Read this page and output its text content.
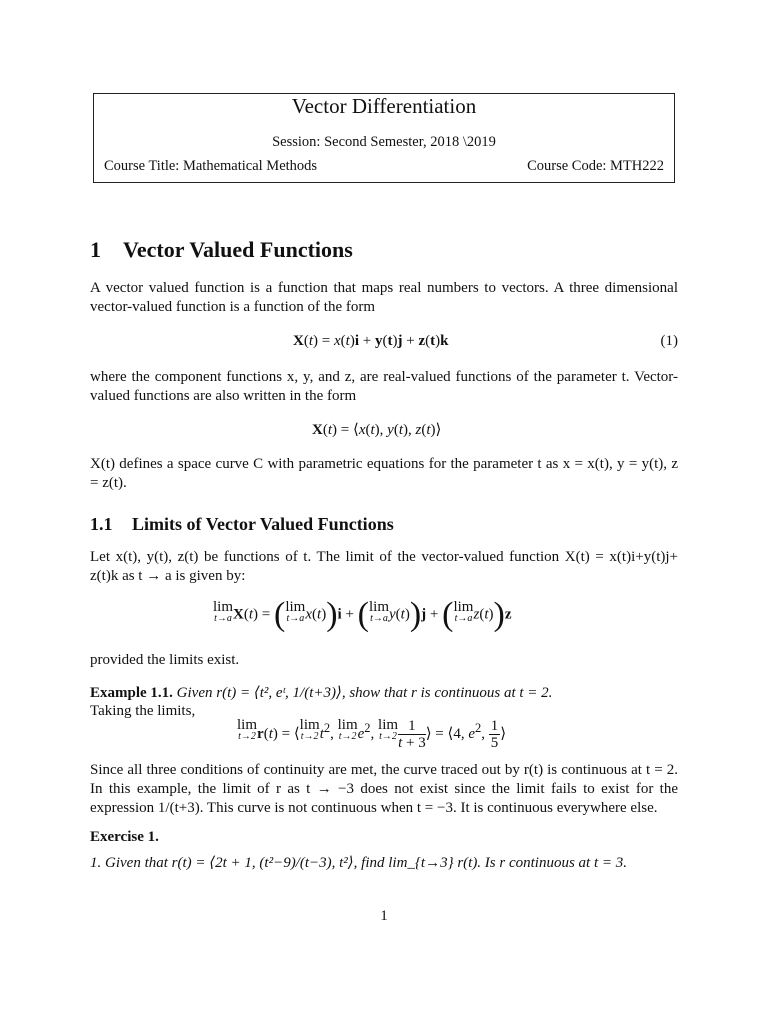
Vector Differentiation
Session: Second Semester, 2018 \2019
Course Title: Mathematical Methods	Course Code: MTH222
1 Vector Valued Functions
A vector valued function is a function that maps real numbers to vectors. A three dimensional vector-valued function is a function of the form
X(t) = x(t)i + y(t)j + z(t)k	(1)
where the component functions x, y, and z, are real-valued functions of the parameter t. Vector-valued functions are also written in the form
X(t) = ⟨x(t), y(t), z(t)⟩
X(t) defines a space curve C with parametric equations for the parameter t as x = x(t), y = y(t), z = z(t).
1.1 Limits of Vector Valued Functions
Let x(t), y(t), z(t) be functions of t. The limit of the vector-valued function X(t) = x(t)i+y(t)j+ z(t)k as t → a is given by:
lim
t→a X(t) = (lim
t→a x(t))i + (lim
t→a y(t))j + (lim
t→a z(t))z
provided the limits exist.
Example 1.1. Given r(t) = ⟨t², eᵗ, 1/(t+3)⟩, show that r is continuous at t = 2.
Taking the limits,
lim
t→2 r(t) = ⟨lim
t→2 $t^2$, lim
t→2 $e^2$, lim
$t\to 2 \frac{1}{t + 3}$ ⟩ = ⟨4, $e^2$, $\frac{1}{5}$ ⟩
Since all three conditions of continuity are met, the curve traced out by r(t) is continuous at t = 2. In this example, the limit of r as t → −3 does not exist since the limit fails to exist for the expression 1/(t+3). This curve is not continuous when t = −3. It is continuous everywhere else.
Exercise 1.
1. Given that r(t) = ⟨2t + 1, (t²−9)/(t−3), t²⟩, find lim_{t→3} r(t). Is r continuous at t = 3.
1
